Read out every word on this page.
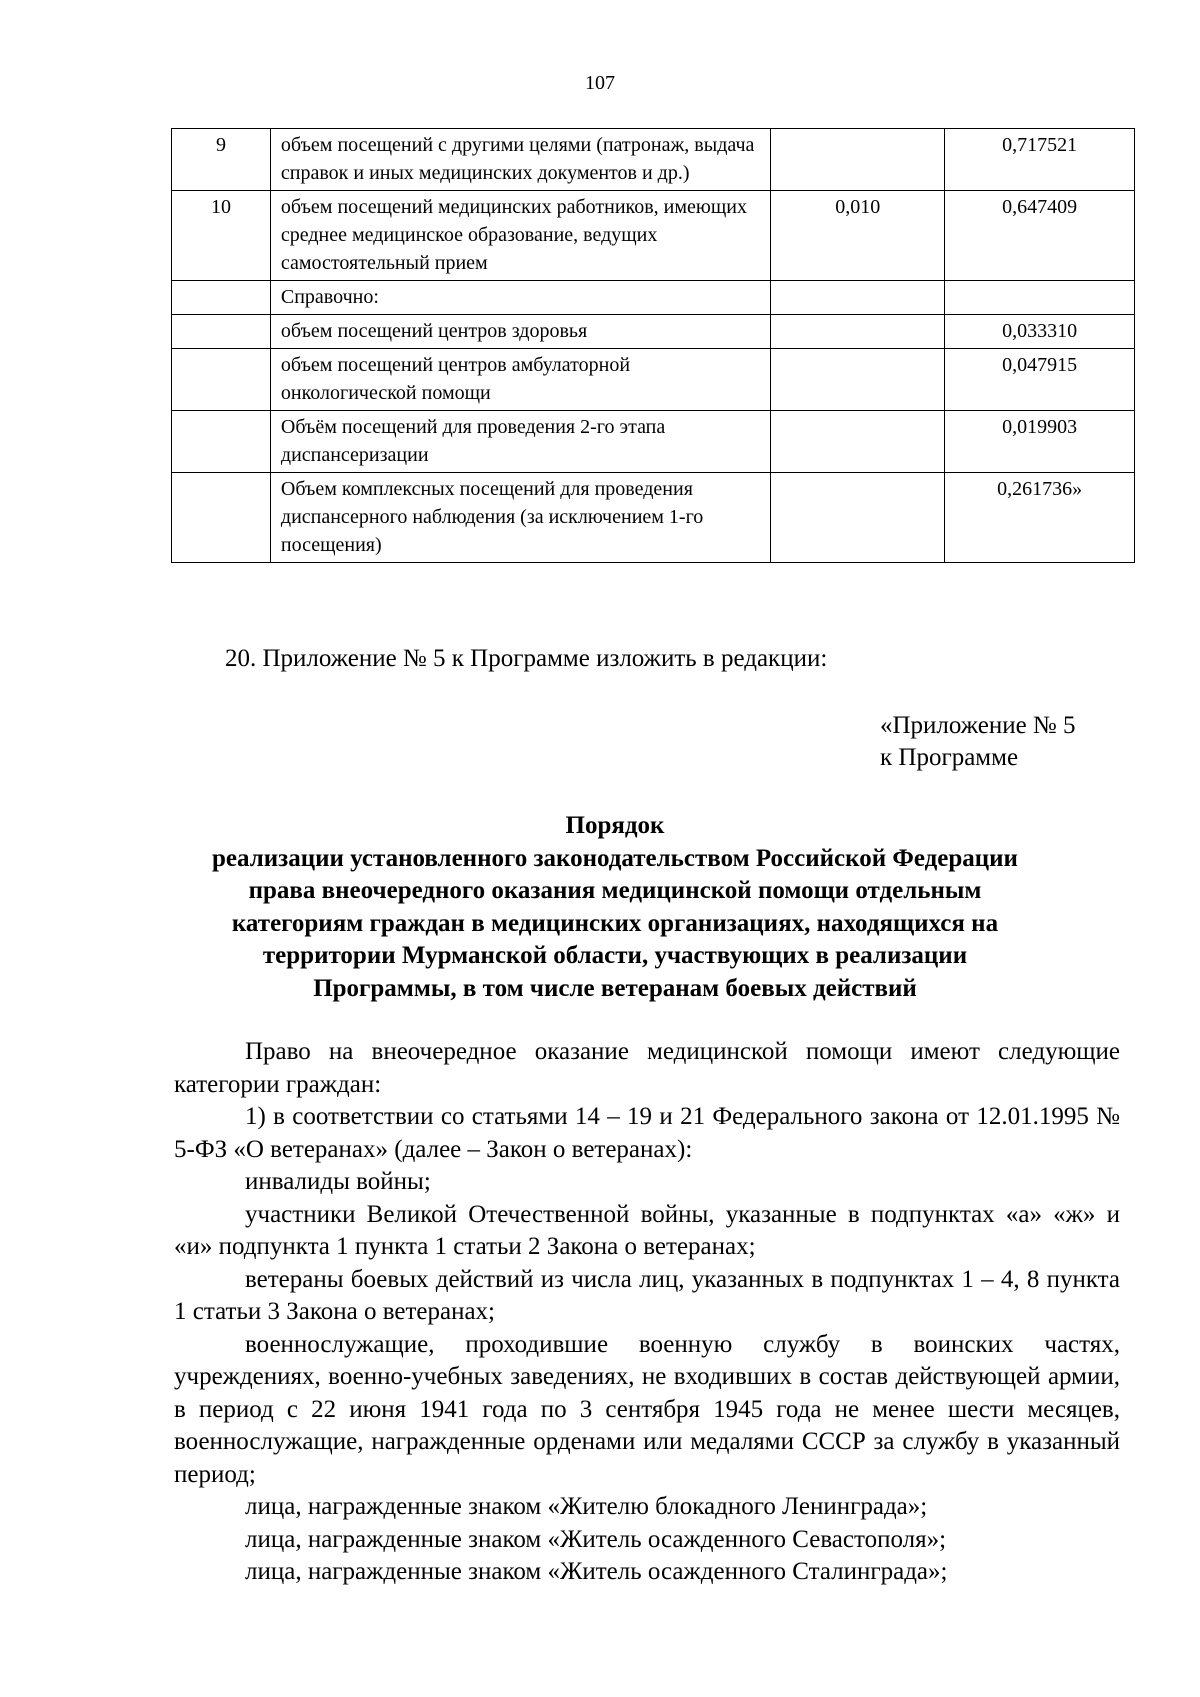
107
9	объем посещений с другими целями (патронаж, выдача справок и иных медицинских документов и др.)		0,717521
10	объем посещений медицинских работников, имеющих среднее медицинское образование, ведущих самостоятельный прием	0,010	0,647409
	Справочно:		
	объем посещений центров здоровья		0,033310
	объем посещений центров амбулаторной онкологической помощи		0,047915
	Объём посещений для проведения 2-го этапа диспансеризации		0,019903
	Объем комплексных посещений для проведения диспансерного наблюдения (за исключением 1-го посещения)		0,261736»
20. Приложение № 5 к Программе изложить в редакции:
«Приложение № 5
к Программе
Порядок
реализации установленного законодательством Российской Федерации
права внеочередного оказания медицинской помощи отдельным
категориям граждан в медицинских организациях, находящихся на
территории Мурманской области, участвующих в реализации
Программы, в том числе ветеранам боевых действий

Право на внеочередное оказание медицинской помощи имеют следующие категории граждан:

1) в соответствии со статьями 14 – 19 и 21 Федерального закона от 12.01.1995 № 5-ФЗ «О ветеранах» (далее – Закон о ветеранах):

инвалиды войны;

участники Великой Отечественной войны, указанные в подпунктах «а» «ж» и «и» подпункта 1 пункта 1 статьи 2 Закона о ветеранах;

ветераны боевых действий из числа лиц, указанных в подпунктах 1 – 4, 8 пункта 1 статьи 3 Закона о ветеранах;

военнослужащие, проходившие военную службу в воинских частях, учреждениях, военно-учебных заведениях, не входивших в состав действующей армии, в период с 22 июня 1941 года по 3 сентября 1945 года не менее шести месяцев, военнослужащие, награжденные орденами или медалями СССР за службу в указанный период;

лица, награжденные знаком «Жителю блокадного Ленинграда»;

лица, награжденные знаком «Житель осажденного Севастополя»;

лица, награжденные знаком «Житель осажденного Сталинграда»;
